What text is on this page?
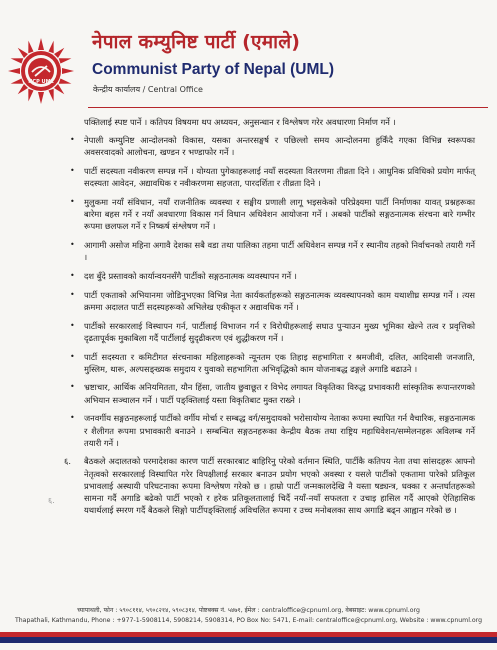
NCP UML
नेपाल कम्युनिष्ट पार्टी (एमाले)
Communist Party of Nepal (UML)
केन्द्रीय कार्यालय / Central Office

पक्तिलाई स्पष्ट पार्ने । कतिपय विषयमा थप अध्ययन, अनुसन्धान र विश्लेषण गरेर अवधारणा निर्माण गर्ने ।

• नेपाली कम्युनिष्ट आन्दोलनको विकास, यसका अन्तरसङ्घर्ष र पछिल्लो समय आन्दोलनमा हुर्किँदै गएका विभिन्न स्वरूपका अवसरवादको आलोचना, खण्डन र भण्डाफोर गर्ने ।
• पार्टी सदस्यता नवीकरण सम्पन्न गर्ने । योग्यता पुगेकाहरूलाई नयाँ सदस्यता वितरणमा तीव्रता दिने । आधुनिक प्रविधिको प्रयोग मार्फत् सदस्यता आवेदन, अद्यावधिक र नवीकरणमा सहजता, पारदर्शिता र तीव्रता दिने ।
• मुलुकमा नयाँ संविधान, नयाँ राजनीतिक व्यवस्था र सङ्घीय प्रणाली लागू भइसकेको परिप्रेक्ष्यमा पार्टी निर्माणका यावत् प्रश्नहरूका बारेमा बहस गर्ने र नयाँ अवधारणा विकास गर्न विधान अधिवेशन आयोजना गर्ने । अबको पार्टीको सङ्गठनात्मक संरचना बारे गम्भीर रूपमा छलफल गर्ने र निष्कर्ष संश्लेषण गर्ने ।
• आगामी असोज महिना अगावै देशका सबै वडा तथा पालिका तहमा पार्टी अधिवेशन सम्पन्न गर्ने र स्थानीय तहको निर्वाचनको तयारी गर्ने ।
• दश बुँदे प्रस्तावको कार्यान्वयनसँगै पार्टीको सङ्गठनात्मक व्यवस्थापन गर्ने ।
• पार्टी एकताको अभियानमा जोडिनुभएका विभिन्न नेता कार्यकर्ताहरूको सङ्गठनात्मक व्यवस्थापनको काम यथाशीघ्र सम्पन्न गर्ने । त्यस क्रममा अदालत पार्टी सदस्यहरूको अभिलेख एकीकृत र अद्यावधिक गर्ने ।
• पार्टीको सरकारलाई विस्थापन गर्न, पार्टीलाई विभाजन गर्न र विरोधीहरूलाई सघाउ पुऱ्याउन मुख्य भूमिका खेल्ने तत्व र प्रवृत्तिको दृढतापूर्वक मुकाबिला गर्दै पार्टीलाई सुदृढीकरण एवं शुद्धीकरण गर्ने ।
• पार्टी सदस्यता र कमिटीगत संरचनाका महिलाहरूको न्यूनतम एक तिहाइ सहभागिता र श्रमजीवी, दलित, आदिवासी जनजाति, मुस्लिम, थारू, अल्पसङ्ख्यक समुदाय र युवाको सहभागिता अभिवृद्धिको काम योजनाबद्ध ढङ्गले अगाडि बढाउने ।
• भ्रष्टाचार, आर्थिक अनियमितता, यौन हिंसा, जातीय छुवाछूत र विभेद लगायत विकृतिका विरुद्ध प्रभावकारी सांस्कृतिक रूपान्तरणको अभियान सञ्चालन गर्ने । पार्टी पङ्क्तिलाई यस्ता विकृतिबाट मुक्त राख्ने ।
• जनवर्गीय सङ्गठनहरूलाई पार्टीको वर्गीय मोर्चा र सम्बद्ध वर्ग/समुदायको भरोसायोग्य नेताका रूपमा स्थापित गर्न वैचारिक, सङ्गठनात्मक र शैलीगत रूपमा प्रभावकारी बनाउने । सम्बन्धित सङ्गठनहरूका केन्द्रीय बैठक तथा राष्ट्रिय महाधिवेशन/सम्मेलनहरू अविलम्ब गर्ने तयारी गर्ने ।
६. बैठकले अदालतको परमादेशका कारण पार्टी सरकारबाट बाहिरिनु परेको वर्तमान स्थिति, पार्टीकै कतिपय नेता तथा सांसदहरू आफ्नो नेतृत्वको सरकारलाई विस्थापित गरेर विपक्षीलाई सरकार बनाउन प्रयोग भएको अवस्था र यसले पार्टीको एकतामा पारेको प्रतिकूल प्रभावलाई अस्थायी परिघटनाका रूपमा विश्लेषण गरेको छ । हाम्रो पार्टी जन्मकालदेखि नै यस्ता षड्यन्त्र, धक्का र अन्तर्घातहरूको सामना गर्दै अगाडि बढेको पार्टी भएको र हरेक प्रतिकूलतालाई चिर्दै नयाँ-नयाँ सफलता र उचाइ हासिल गर्दै आएको ऐतिहासिक यथार्थलाई स्मरण गर्दै बैठकले सिङ्गो पार्टीपङ्क्तिलाई अविचलित रूपमा र उच्च मनोबलका साथ अगाडि बढ्न आह्वान गरेको छ ।
६.
च्यापाथली, फोन : ५९०८११४, ५९०८२१४, ५९०८३१४, पोष्टबक्स नं. ५४७१, ईमेल : centraloffice@cpnuml.org, वेबसाइट: www.cpnuml.org
Thapathali, Kathmandu, Phone : +977-1-5908114, 5908214, 5908314, PO Box No: 5471, E-mail: centraloffice@cpnuml.org, Website : www.cpnuml.org
